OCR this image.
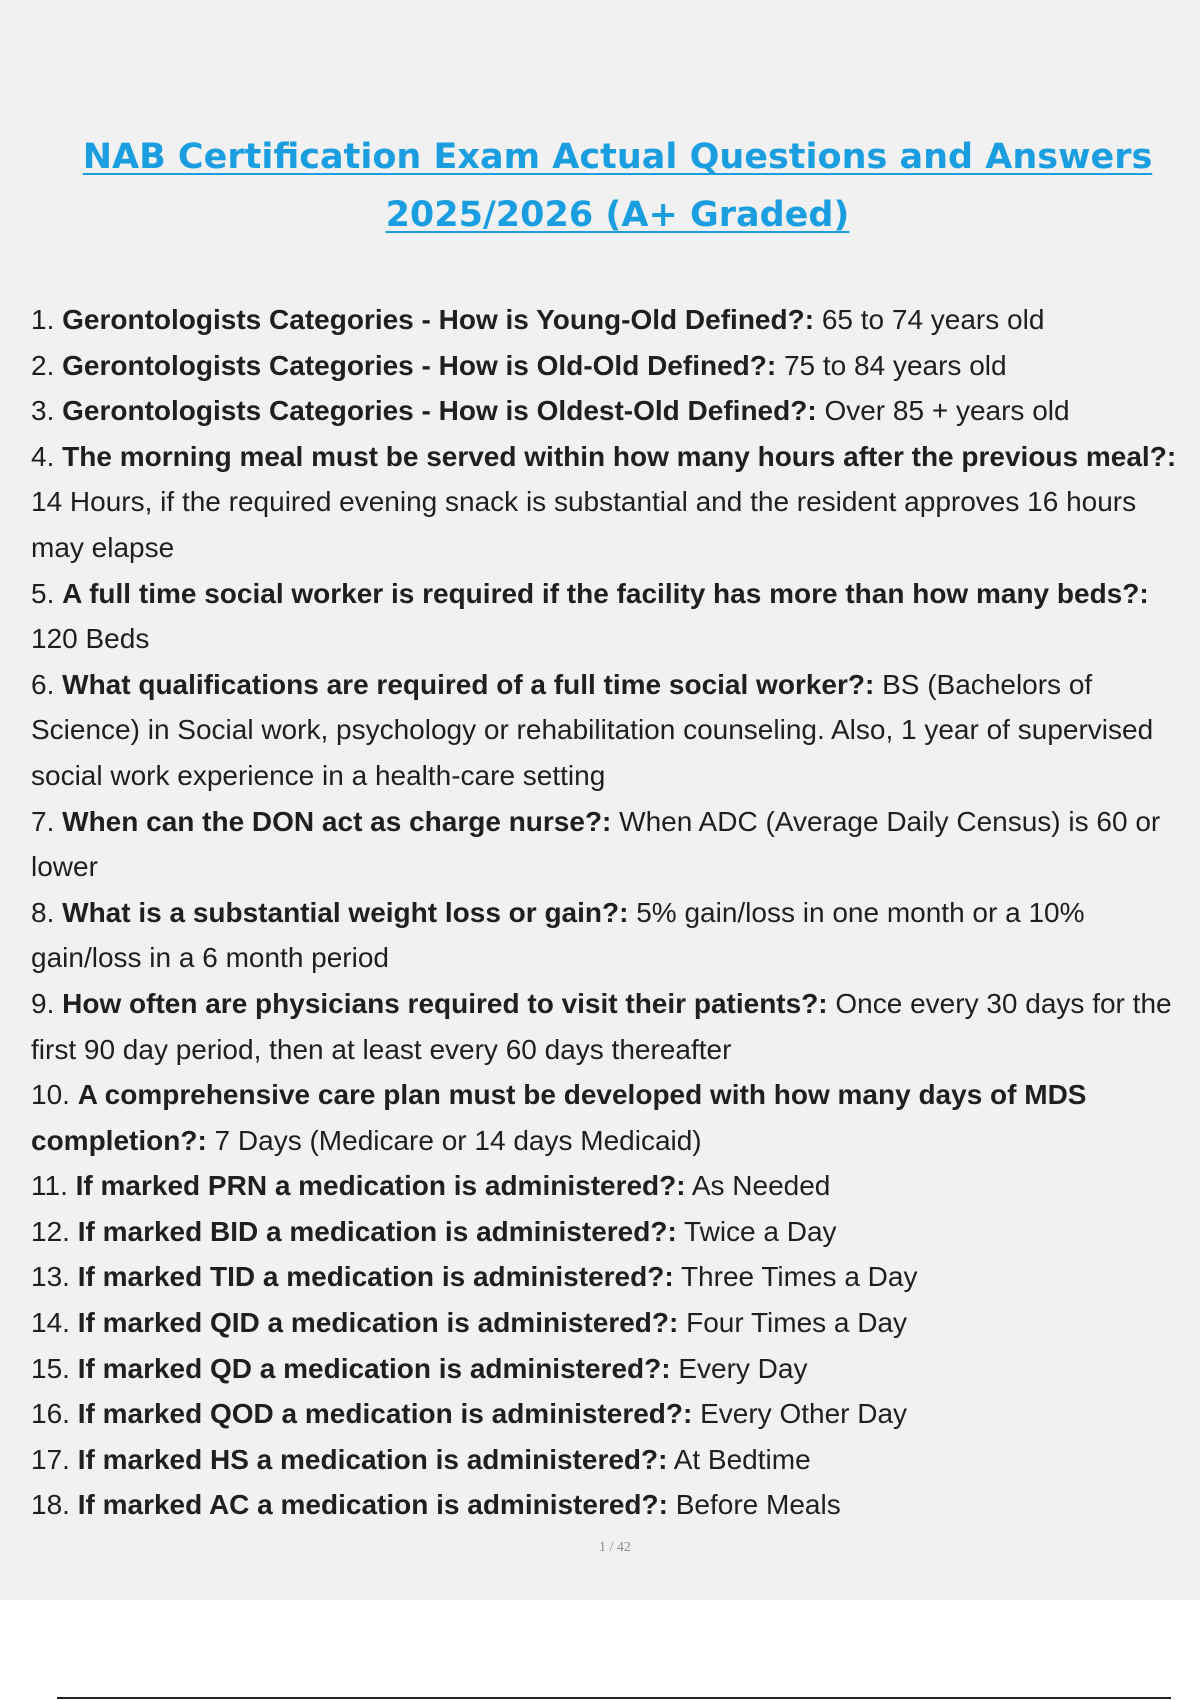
NAB Certification Exam Actual Questions and Answers
2025/2026 (A+ Graded)
1. Gerontologists Categories - How is Young-Old Defined?: 65 to 74 years old
2. Gerontologists Categories - How is Old-Old Defined?: 75 to 84 years old
3. Gerontologists Categories - How is Oldest-Old Defined?: Over 85 + years old
4. The morning meal must be served within how many hours after the previous meal?: 14 Hours, if the required evening snack is substantial and the resident approves 16 hours may elapse
5. A full time social worker is required if the facility has more than how many beds?: 120 Beds
6. What qualifications are required of a full time social worker?: BS (Bachelors of Science) in Social work, psychology or rehabilitation counseling. Also, 1 year of supervised social work experience in a health-care setting
7. When can the DON act as charge nurse?: When ADC (Average Daily Census) is 60 or lower
8. What is a substantial weight loss or gain?: 5% gain/loss in one month or a 10% gain/loss in a 6 month period
9. How often are physicians required to visit their patients?: Once every 30 days for the first 90 day period, then at least every 60 days thereafter
10. A comprehensive care plan must be developed with how many days of MDS completion?: 7 Days (Medicare or 14 days Medicaid)
11. If marked PRN a medication is administered?: As Needed
12. If marked BID a medication is administered?: Twice a Day
13. If marked TID a medication is administered?: Three Times a Day
14. If marked QID a medication is administered?: Four Times a Day
15. If marked QD a medication is administered?: Every Day
16. If marked QOD a medication is administered?: Every Other Day
17. If marked HS a medication is administered?: At Bedtime
18. If marked AC a medication is administered?: Before Meals
1 / 42
